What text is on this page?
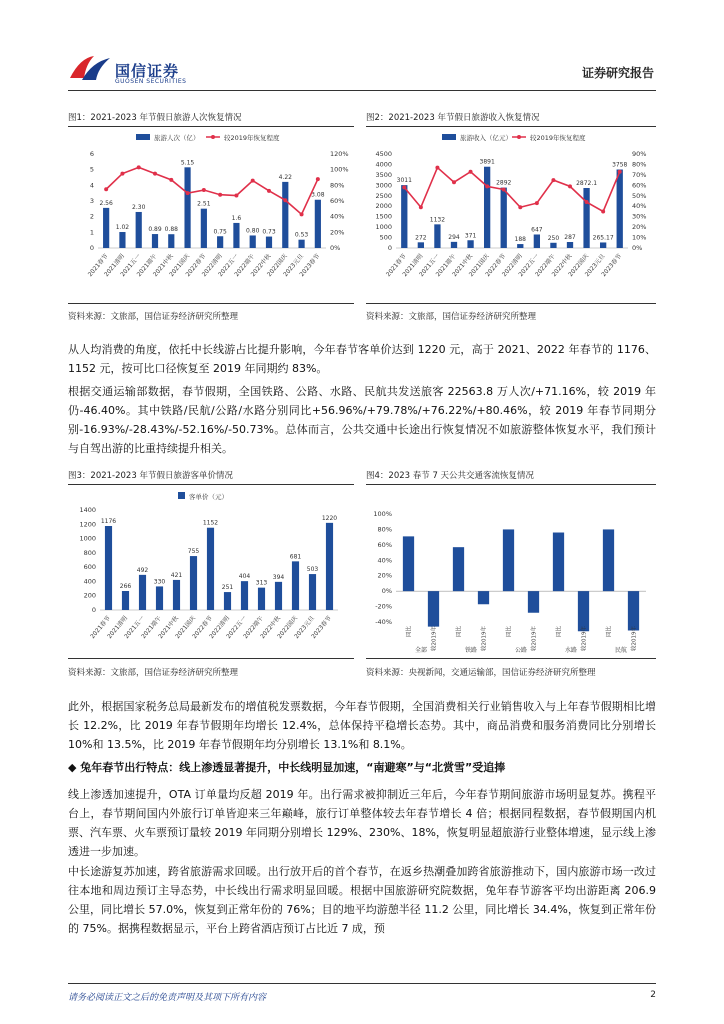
国信证券
GUOSEN SECURITIES
证券研究报告
图1：2021-2023 年节假日旅游人次恢复情况	图2：2021-2023 年节假日旅游收入恢复情况
旅游人次（亿）	较2019年恢复程度
0
1
2
3
4
5
6
0%
20%
40%
60%
80%
100%
120%
2.56
2021春节
1.02
2021清明
2.30
2021五一
0.89
2021端午
0.88
2021中秋
5.15
2021国庆
2.51
2022春节
0.75
2022清明
1.6
2022五一
0.80
2022端午
0.73
2022中秋
4.22
2022国庆
0.53
2023元旦
3.08
2023春节
旅游收入（亿元）	较2019年恢复程度
0
500
1000
1500
2000
2500
3000
3500
4000
4500
0%
10%
20%
30%
40%
50%
60%
70%
80%
90%
3011
2021春节
272
2021清明
1132
2021五一
294
2021端午
371
2021中秋
3891
2021国庆
2892
2022春节
188
2022清明
647
2022五一
250
2022端午
287
2022中秋
2872.1
2022国庆
265.17
2023元旦
3758
2023春节
资料来源：文旅部，国信证券经济研究所整理	资料来源：文旅部，国信证券经济研究所整理
从人均消费的角度，依托中长线游占比提升影响，今年春节客单价达到 1220 元，高于 2021、2022 年春节的 1176、1152 元，按可比口径恢复至 2019 年同期约 83%。
根据交通运输部数据，春节假期，全国铁路、公路、水路、民航共发送旅客 22563.8 万人次/+71.16%，较 2019 年仍-46.40%。其中铁路/民航/公路/水路分别同比+56.96%/+79.78%/+76.22%/+80.46%，较 2019 年春节同期分别-16.93%/-28.43%/-52.16%/-50.73%。总体而言，公共交通中长途出行恢复情况不如旅游整体恢复水平，我们预计与自驾出游的比重持续提升相关。
图3：2021-2023 年节假日旅游客单价情况	图4：2023 春节 7 天公共交通客流恢复情况
客单价（元）
0
200
400
600
800
1000
1200
1400
1176
2021春节
266
2021清明
492
2021五一
330
2021端午
421
2021中秋
755
2021国庆
1152
2022春节
251
2022清明
404
2022五一
313
2022端午
394
2022中秋
681
2022国庆
503
2023元旦
1220
2023春节
100%
80%
60%
40%
20%
0%
-20%
-40%
同比	较2019年	同比	较2019年	同比	较2019年	同比	较2019年	同比	较2019年
全部	铁路	公路	水路	民航
资料来源：文旅部，国信证券经济研究所整理	资料来源：央视新闻，交通运输部，国信证券经济研究所整理
此外，根据国家税务总局最新发布的增值税发票数据，今年春节假期，全国消费相关行业销售收入与上年春节假期相比增长 12.2%，比 2019 年春节假期年均增长 12.4%，总体保持平稳增长态势。其中，商品消费和服务消费同比分别增长 10%和 13.5%，比 2019 年春节假期年均分别增长 13.1%和 8.1%。
◆ 兔年春节出行特点：线上渗透显著提升，中长线明显加速，“南避寒”与“北赏雪”受追捧
线上渗透加速提升，OTA 订单量均反超 2019 年。出行需求被抑制近三年后，今年春节期间旅游市场明显复苏。携程平台上，春节期间国内外旅行订单皆迎来三年巅峰，旅行订单整体较去年春节增长 4 倍；根据同程数据，春节假期国内机票、汽车票、火车票预订量较 2019 年同期分别增长 129%、230%、18%，恢复明显超旅游行业整体增速，显示线上渗透进一步加速。
中长途游复苏加速，跨省旅游需求回暖。出行放开后的首个春节，在返乡热潮叠加跨省旅游推动下，国内旅游市场一改过往本地和周边预订主导态势，中长线出行需求明显回暖。根据中国旅游研究院数据，兔年春节游客平均出游距离 206.9 公里，同比增长 57.0%，恢复到正常年份的 76%；目的地平均游憩半径 11.2 公里，同比增长 34.4%，恢复到正常年份的 75%。据携程数据显示，平台上跨省酒店预订占比近 7 成，预
请务必阅读正文之后的免责声明及其项下所有内容	2
